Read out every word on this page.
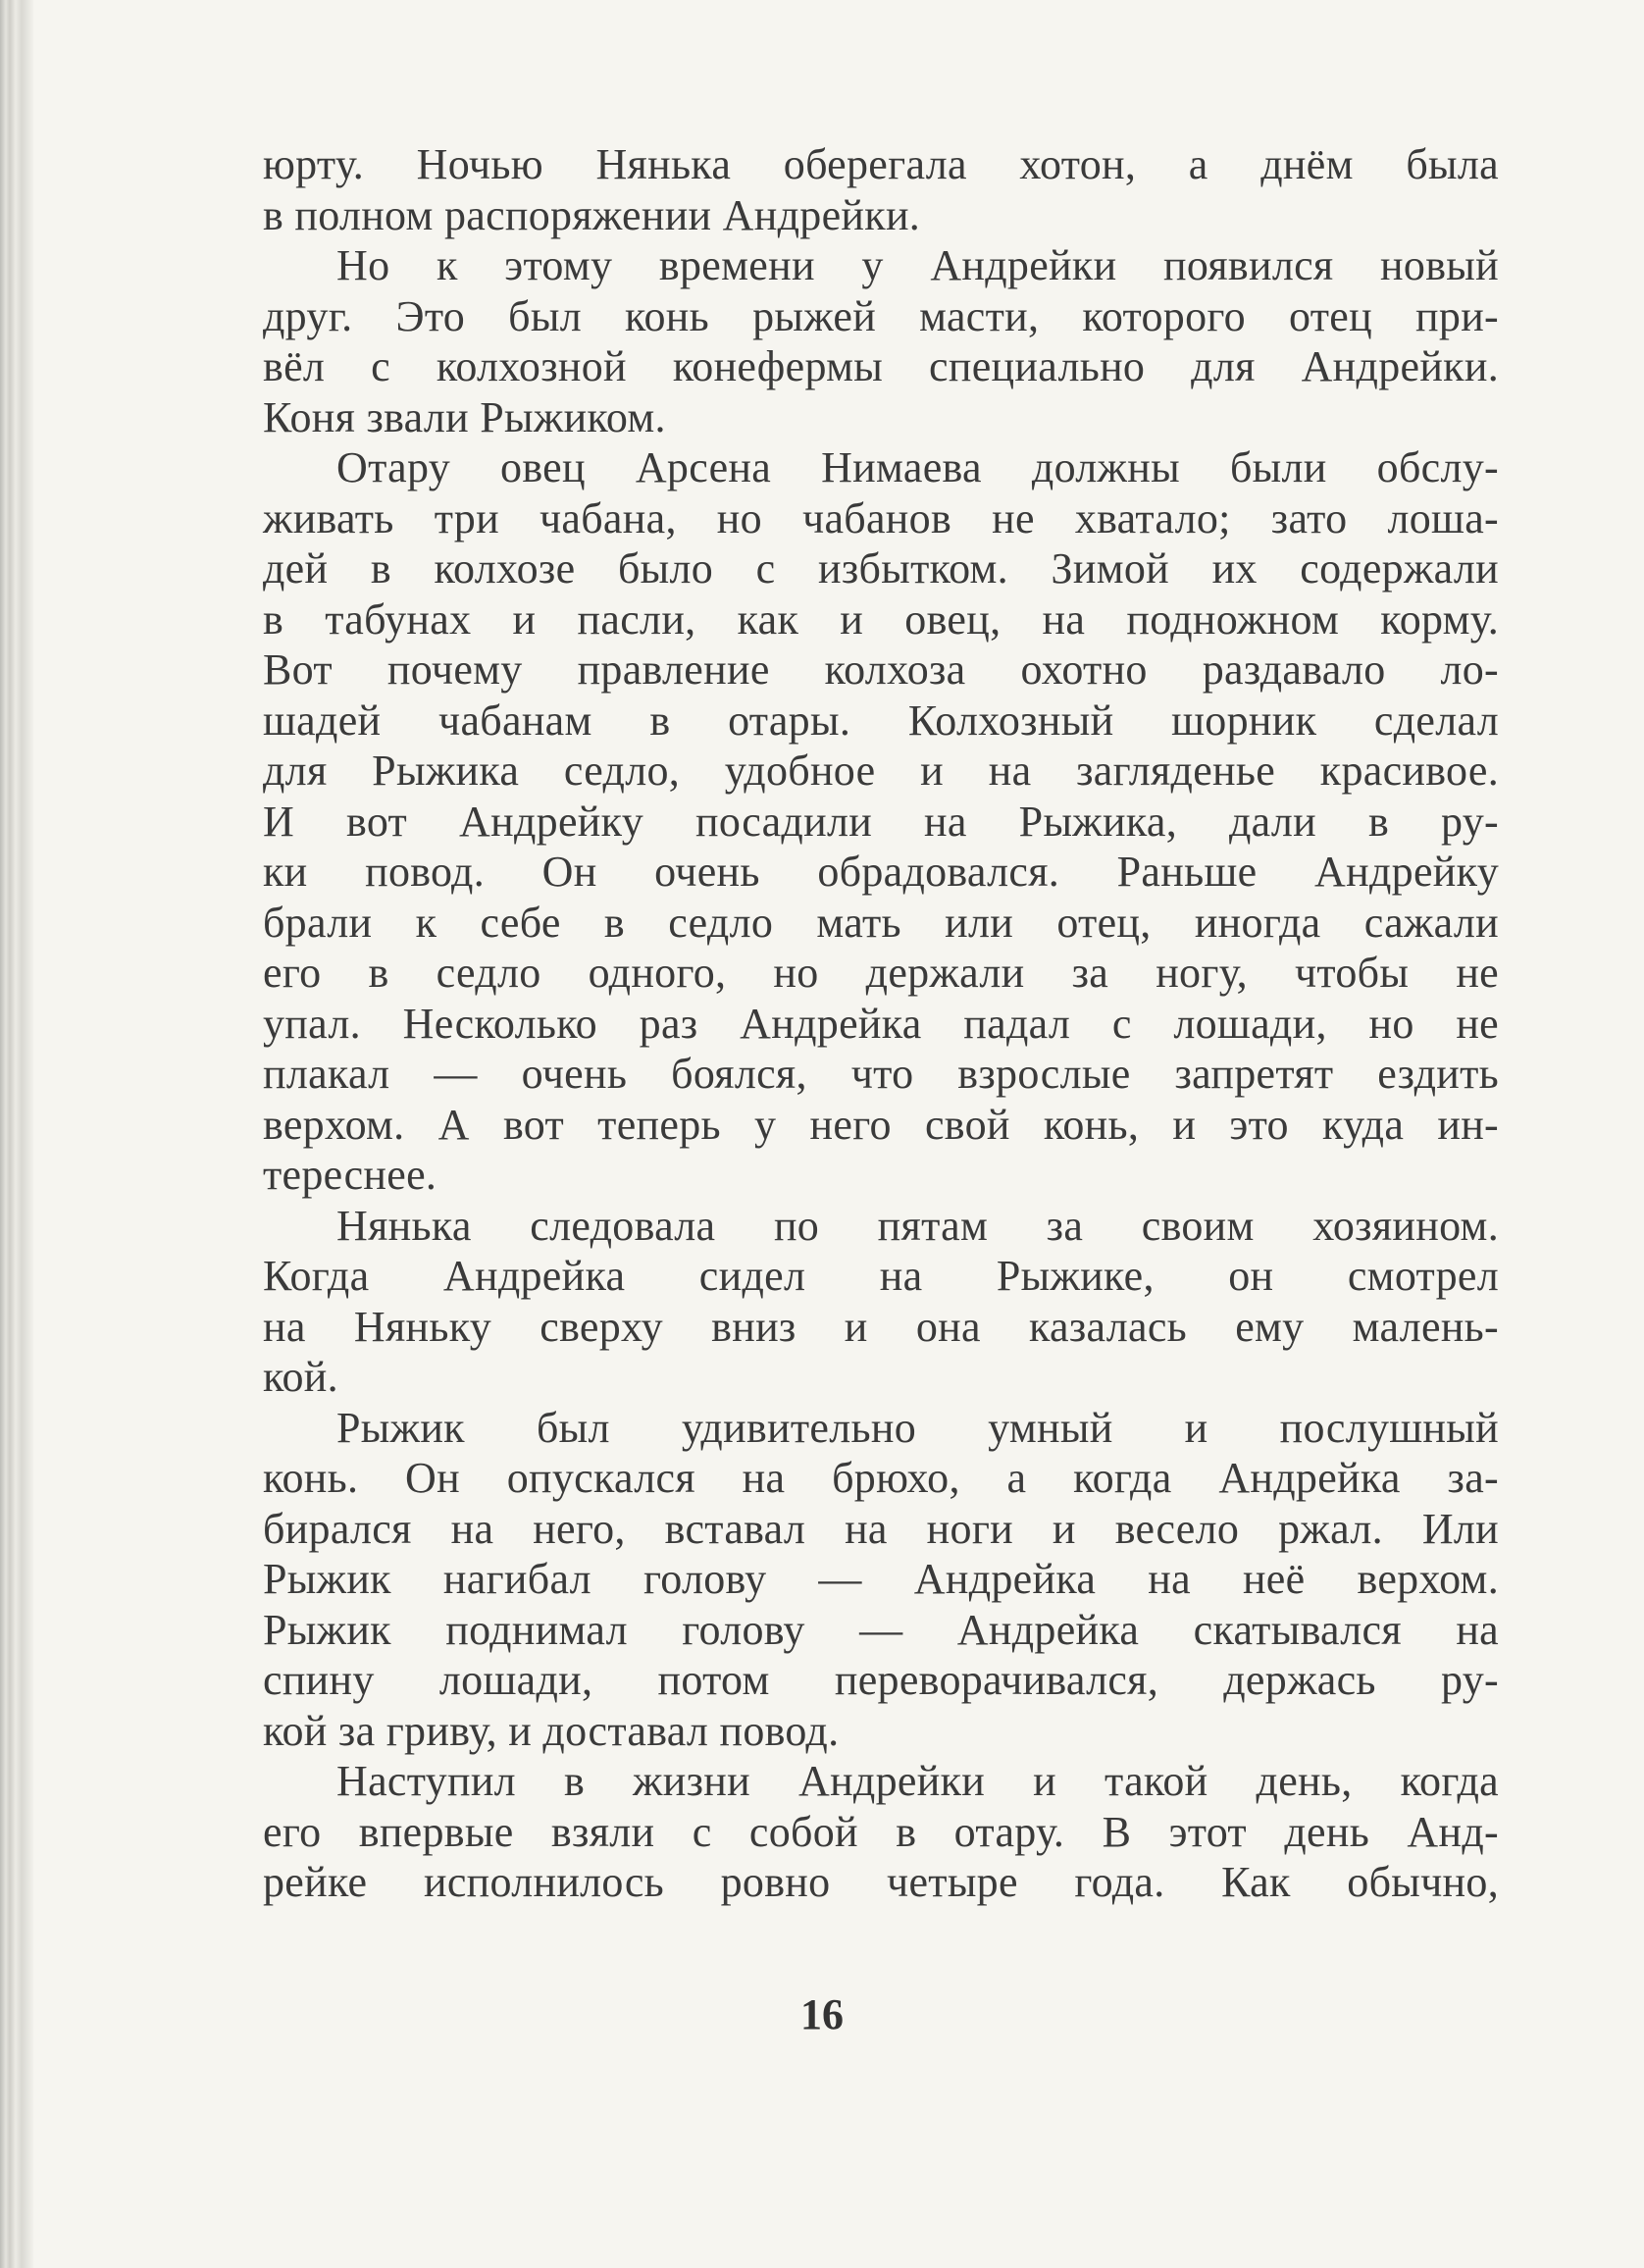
юрту. Ночью Нянька оберегала хотон, а днём была
в полном распоряжении Андрейки.
Но к этому времени у Андрейки появился новый
друг. Это был конь рыжей масти, которого отец при-
вёл с колхозной конефермы специально для Андрейки.
Коня звали Рыжиком.
Отару овец Арсена Нимаева должны были обслу-
живать три чабана, но чабанов не хватало; зато лоша-
дей в колхозе было с избытком. Зимой их содержали
в табунах и пасли, как и овец, на подножном корму.
Вот почему правление колхоза охотно раздавало ло-
шадей чабанам в отары. Колхозный шорник сделал
для Рыжика седло, удобное и на загляденье красивое.
И вот Андрейку посадили на Рыжика, дали в ру-
ки повод. Он очень обрадовался. Раньше Андрейку
брали к себе в седло мать или отец, иногда сажали
его в седло одного, но держали за ногу, чтобы не
упал. Несколько раз Андрейка падал с лошади, но не
плакал — очень боялся, что взрослые запретят ездить
верхом. А вот теперь у него свой конь, и это куда ин-
тереснее.
Нянька следовала по пятам за своим хозяином.
Когда Андрейка сидел на Рыжике, он смотрел
на Няньку сверху вниз и она казалась ему малень-
кой.
Рыжик был удивительно умный и послушный
конь. Он опускался на брюхо, а когда Андрейка за-
бирался на него, вставал на ноги и весело ржал. Или
Рыжик нагибал голову — Андрейка на неё верхом.
Рыжик поднимал голову — Андрейка скатывался на
спину лошади, потом переворачивался, держась ру-
кой за гриву, и доставал повод.
Наступил в жизни Андрейки и такой день, когда
его впервые взяли с собой в отару. В этот день Анд-
рейке исполнилось ровно четыре года. Как обычно,
16
